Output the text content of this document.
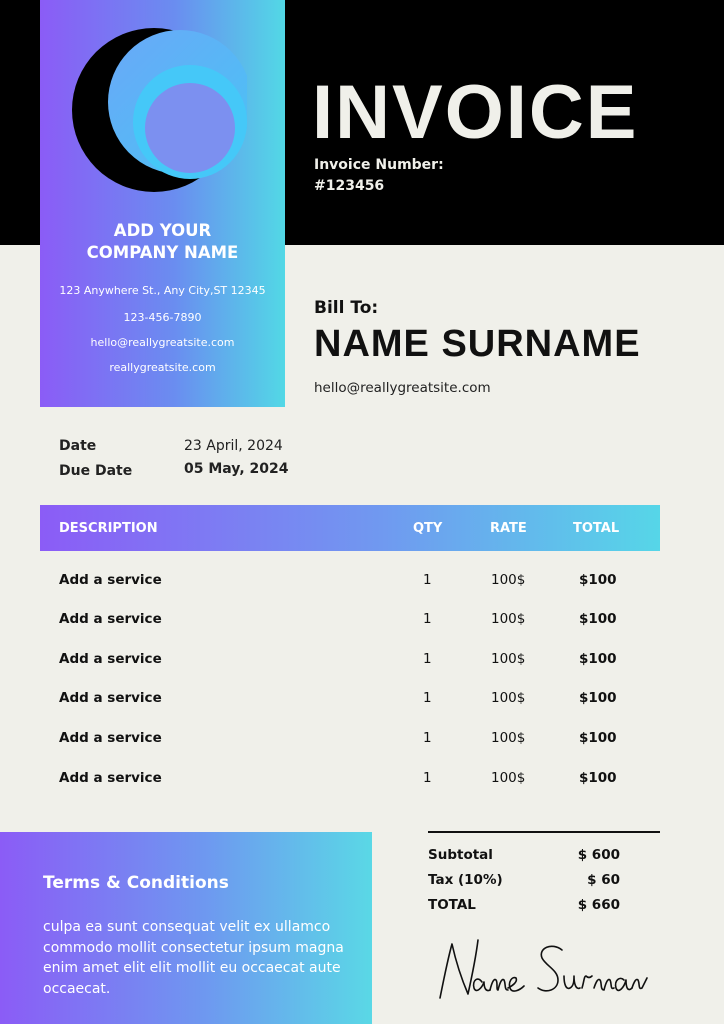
ADD YOUR
COMPANY NAME
123 Anywhere St., Any City,ST 12345
123-456-7890
hello@reallygreatsite.com
reallygreatsite.com
INVOICE
Invoice Number:
#123456
Bill To:
NAME SURNAME
hello@reallygreatsite.com
Date	23 April, 2024
Due Date	05 May, 2024
DESCRIPTION	QTY	RATE	TOTAL
Add a service	1	100$	$100
Add a service	1	100$	$100
Add a service	1	100$	$100
Add a service	1	100$	$100
Add a service	1	100$	$100
Add a service	1	100$	$100
Terms & Conditions
culpa ea sunt consequat velit ex ullamco commodo mollit consectetur ipsum magna enim amet elit elit mollit eu occaecat aute occaecat.
Subtotal	$ 600
Tax (10%)	$ 60
TOTAL	$ 660
